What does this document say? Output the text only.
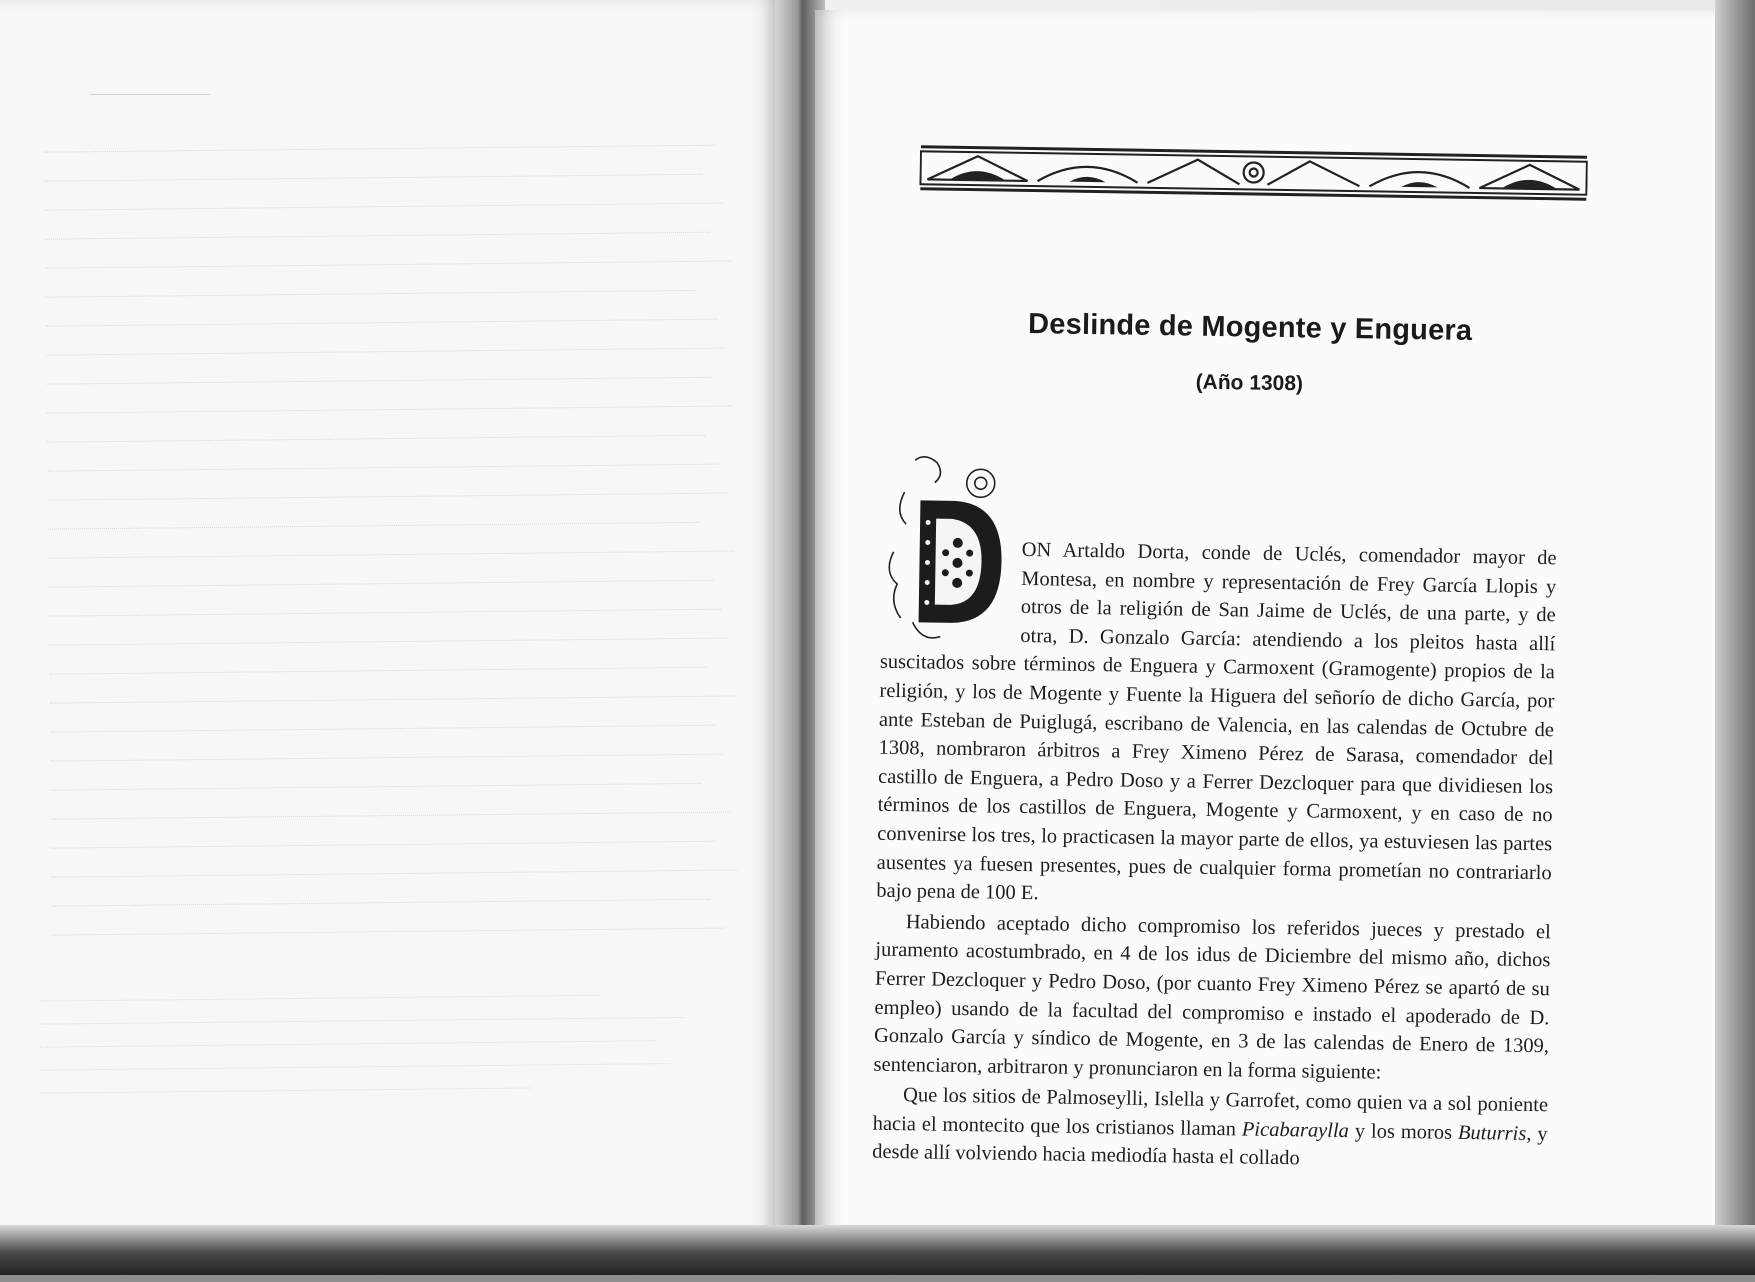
Deslinde de Mogente y Enguera
(Año 1308)

ON Artaldo Dorta, conde de Uclés, comendador mayor de Montesa, en nombre y representación de Frey García Llopis y otros de la religión de San Jaime de Uclés, de una parte, y de otra, D. Gonzalo García: atendiendo a los pleitos hasta allí suscitados sobre términos de Enguera y Carmoxent (Gramogente) propios de la religión, y los de Mogente y Fuente la Higuera del señorío de dicho García, por ante Esteban de Puiglugá, escribano de Valencia, en las calendas de Octubre de 1308, nombraron árbitros a Frey Ximeno Pérez de Sarasa, comendador del castillo de Enguera, a Pedro Doso y a Ferrer Dezcloquer para que dividiesen los términos de los castillos de Enguera, Mogente y Carmoxent, y en caso de no convenirse los tres, lo practicasen la mayor parte de ellos, ya estuviesen las partes ausentes ya fuesen presentes, pues de cualquier forma prometían no contrariarlo bajo pena de 100 E.

Habiendo aceptado dicho compromiso los referidos jueces y prestado el juramento acostumbrado, en 4 de los idus de Diciembre del mismo año, dichos Ferrer Dezcloquer y Pedro Doso, (por cuanto Frey Ximeno Pérez se apartó de su empleo) usando de la facultad del compromiso e instado el apoderado de D. Gonzalo García y síndico de Mogente, en 3 de las calendas de Enero de 1309, sentenciaron, arbitraron y pronunciaron en la forma siguiente:

Que los sitios de Palmoseylli, Islella y Garrofet, como quien va a sol poniente hacia el montecito que los cristianos llaman Picabaraylla y los moros Buturris, y desde allí volviendo hacia mediodía hasta el collado
